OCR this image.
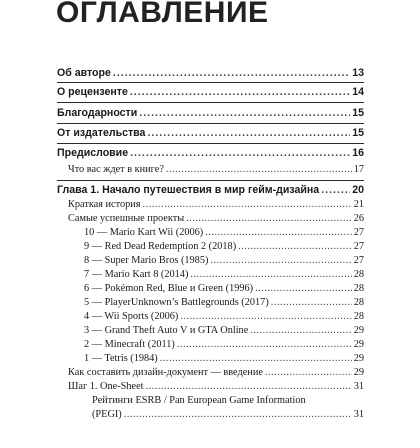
ОГЛАВЛЕНИЕ
Об авторе .....	13
О рецензенте .....	14
Благодарности .....	15
От издательства .....	15
Предисловие .....	16
Что вас ждет в книге? .....	17
Глава 1. Начало путешествия в мир гейм-дизайна .....	20
Краткая история .....	21
Самые успешные проекты .....	26
10 — Mario Kart Wii (2006) .....	27
9 — Red Dead Redemption 2 (2018) .....	27
8 — Super Mario Bros (1985) .....	27
7 — Mario Kart 8 (2014) .....	28
6 — Pokémon Red, Blue и Green (1996) .....	28
5 — PlayerUnknown’s Battlegrounds (2017) .....	28
4 — Wii Sports (2006) .....	28
3 — Grand Theft Auto V и GTA Online .....	29
2 — Minecraft (2011) .....	29
1 — Tetris (1984) .....	29
Как составить дизайн-документ — введение .....	29
Шаг 1. One-Sheet .....	31
Рейтинги ESRB / Pan European Game Information
(PEGI) .....	31
